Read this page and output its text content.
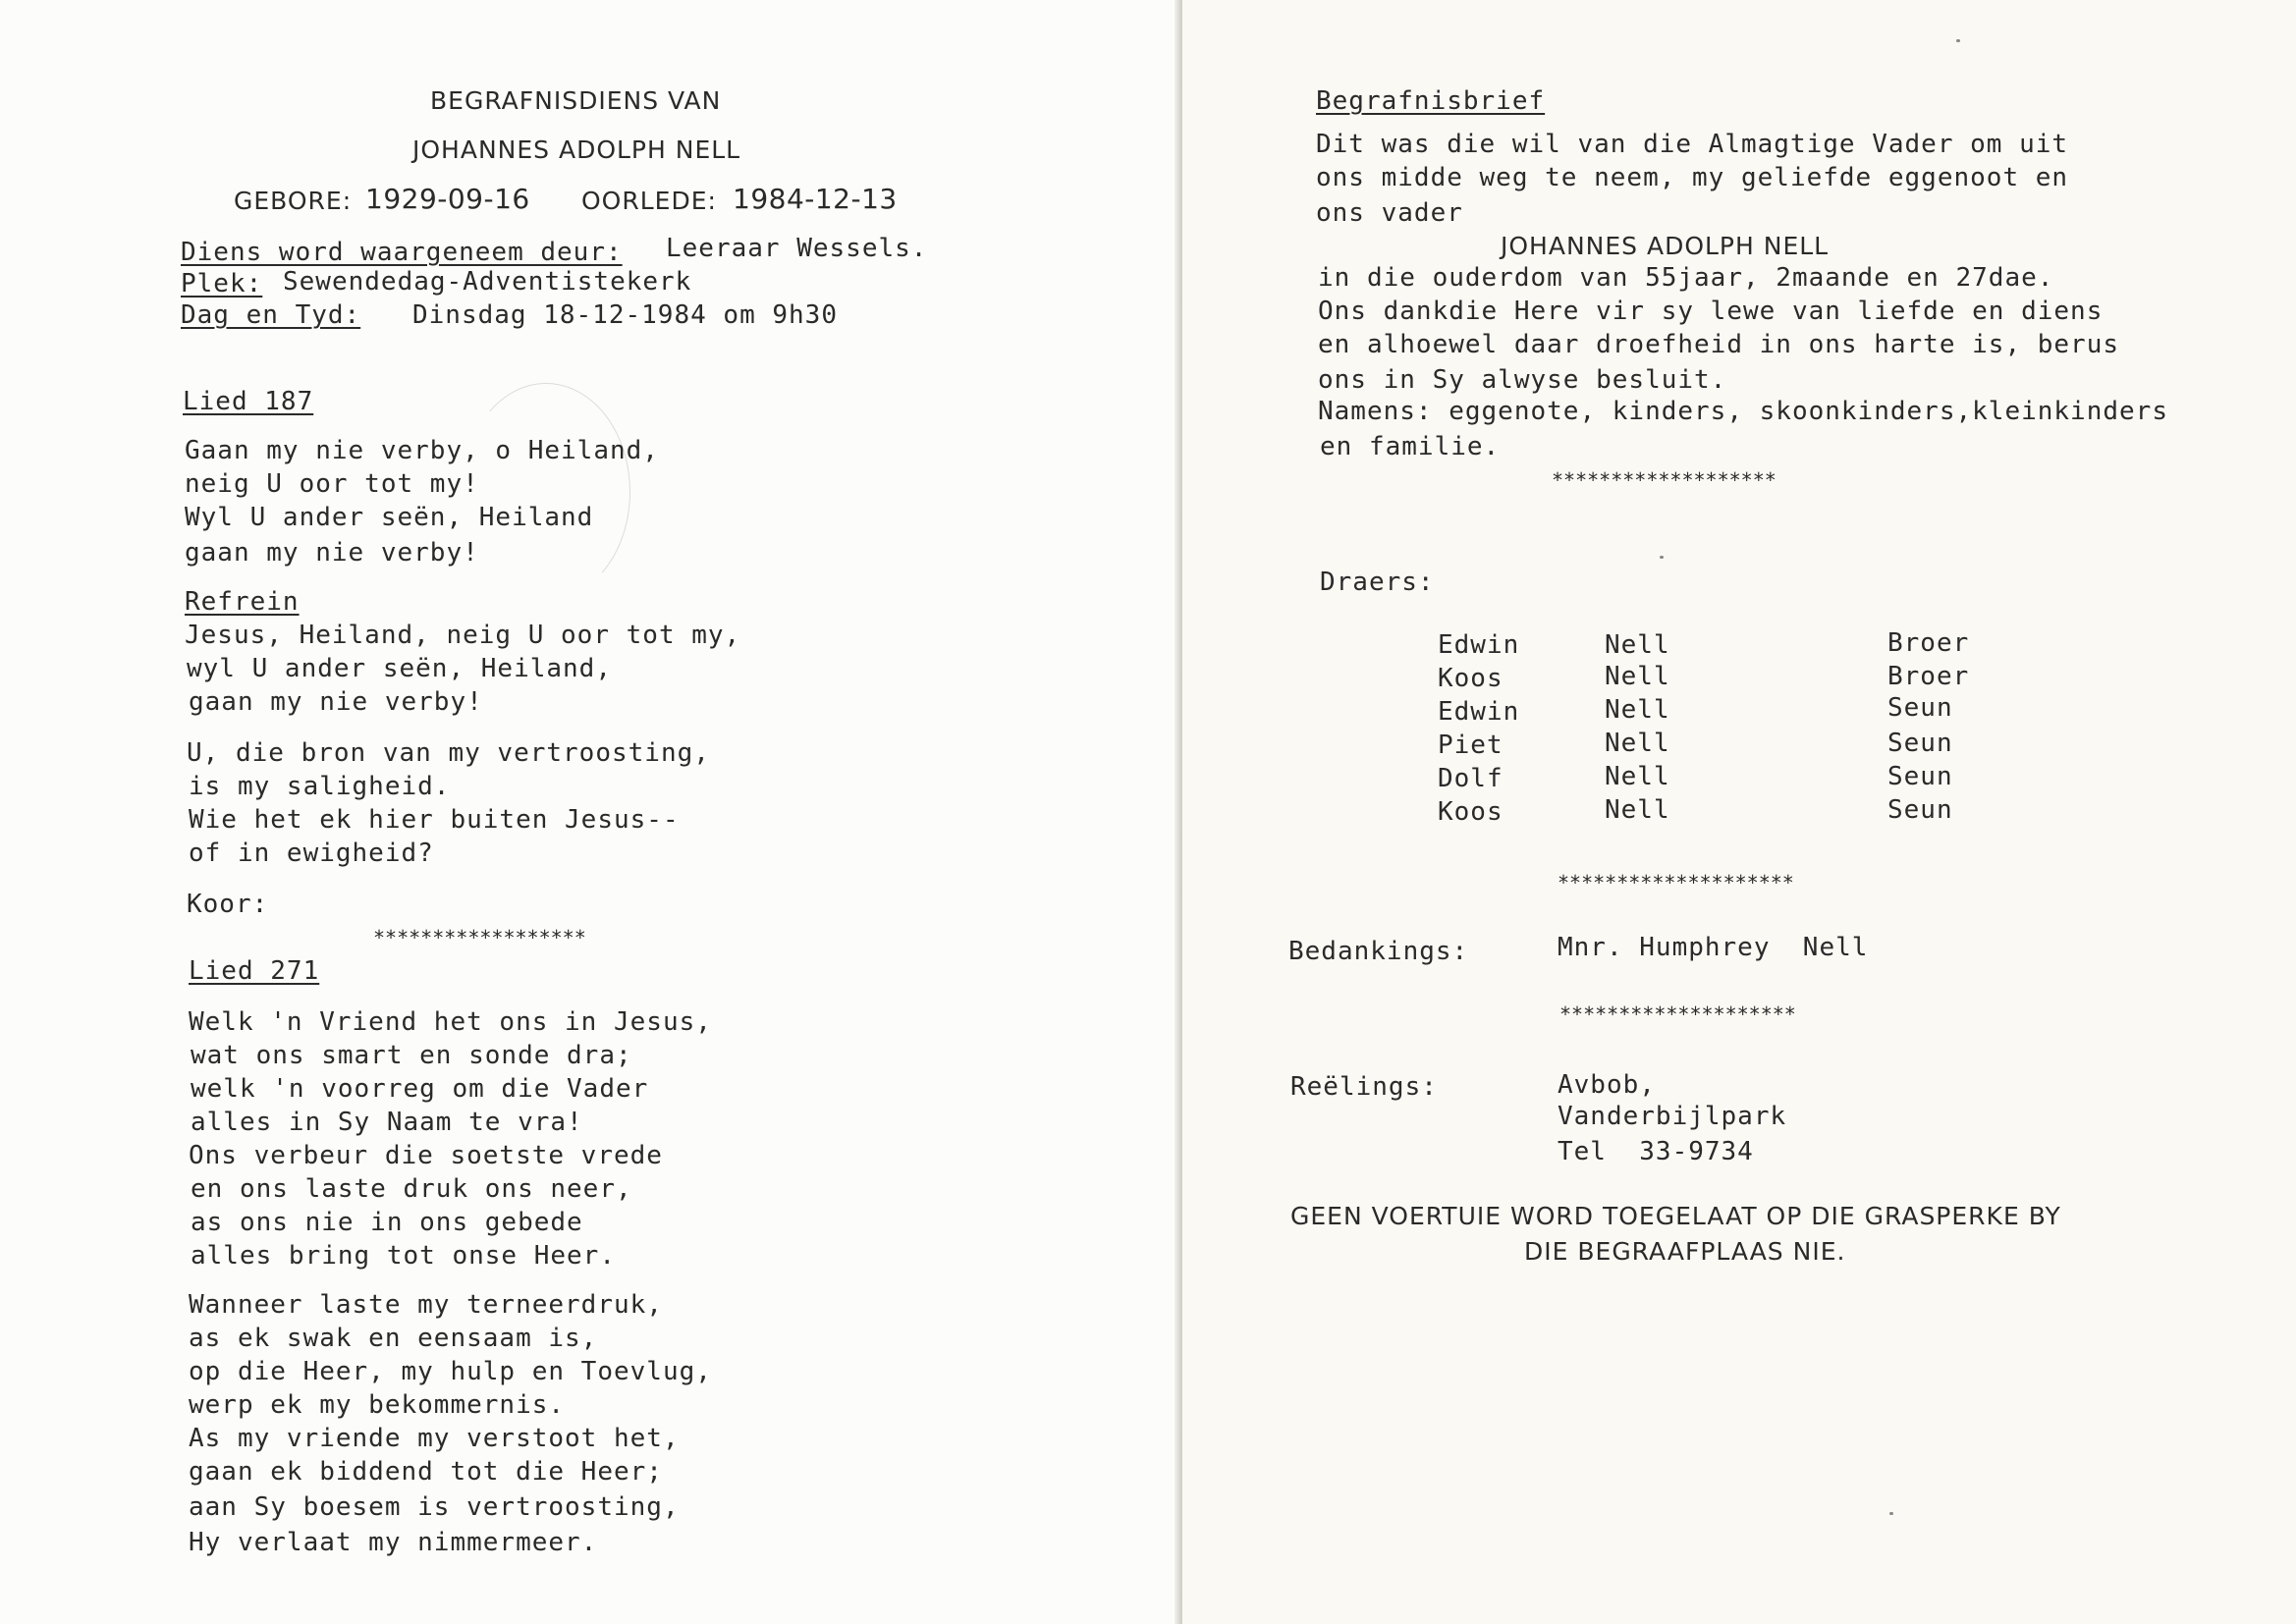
BEGRAFNISDIENS VAN
JOHANNES ADOLPH NELL
GEBORE: 1929-09-16 OORLEDE: 1984-12-13
Diens word waargeneem deur: Leeraar Wessels.
Plek: Sewendedag-Adventistekerk
Dag en Tyd: Dinsdag 18-12-1984 om 9h30
Lied 187
Gaan my nie verby, o Heiland,
neig U oor tot my!
Wyl U ander seën, Heiland
gaan my nie verby!
Refrein
Jesus, Heiland, neig U oor tot my,
wyl U ander seën, Heiland,
gaan my nie verby!
U, die bron van my vertroosting,
is my saligheid.
Wie het ek hier buiten Jesus--
of in ewigheid?
Koor:
******************
Lied 271
Welk 'n Vriend het ons in Jesus,
wat ons smart en sonde dra;
welk 'n voorreg om die Vader
alles in Sy Naam te vra!
Ons verbeur die soetste vrede
en ons laste druk ons neer,
as ons nie in ons gebede
alles bring tot onse Heer.
Wanneer laste my terneerdruk,
as ek swak en eensaam is,
op die Heer, my hulp en Toevlug,
werp ek my bekommernis.
As my vriende my verstoot het,
gaan ek biddend tot die Heer;
aan Sy boesem is vertroosting,
Hy verlaat my nimmermeer.
Begrafnisbrief
Dit was die wil van die Almagtige Vader om uit
ons midde weg te neem, my geliefde eggenoot en
ons vader
JOHANNES ADOLPH NELL
in die ouderdom van 55jaar, 2maande en 27dae.
Ons dankdie Here vir sy lewe van liefde en diens
en alhoewel daar droefheid in ons harte is, berus
ons in Sy alwyse besluit.
Namens: eggenote, kinders, skoonkinders,kleinkinders
en familie.
*******************
Draers:
Edwin	Nell	Broer
Koos	Nell	Broer
Edwin	Nell	Seun
Piet	Nell	Seun
Dolf	Nell	Seun
Koos	Nell	Seun
********************
Bedankings:	Mnr. Humphrey  Nell
********************
Reëlings:	Avbob,
Vanderbijlpark
Tel  33-9734
GEEN VOERTUIE WORD TOEGELAAT OP DIE GRASPERKE BY
DIE BEGRAAFPLAAS NIE.
